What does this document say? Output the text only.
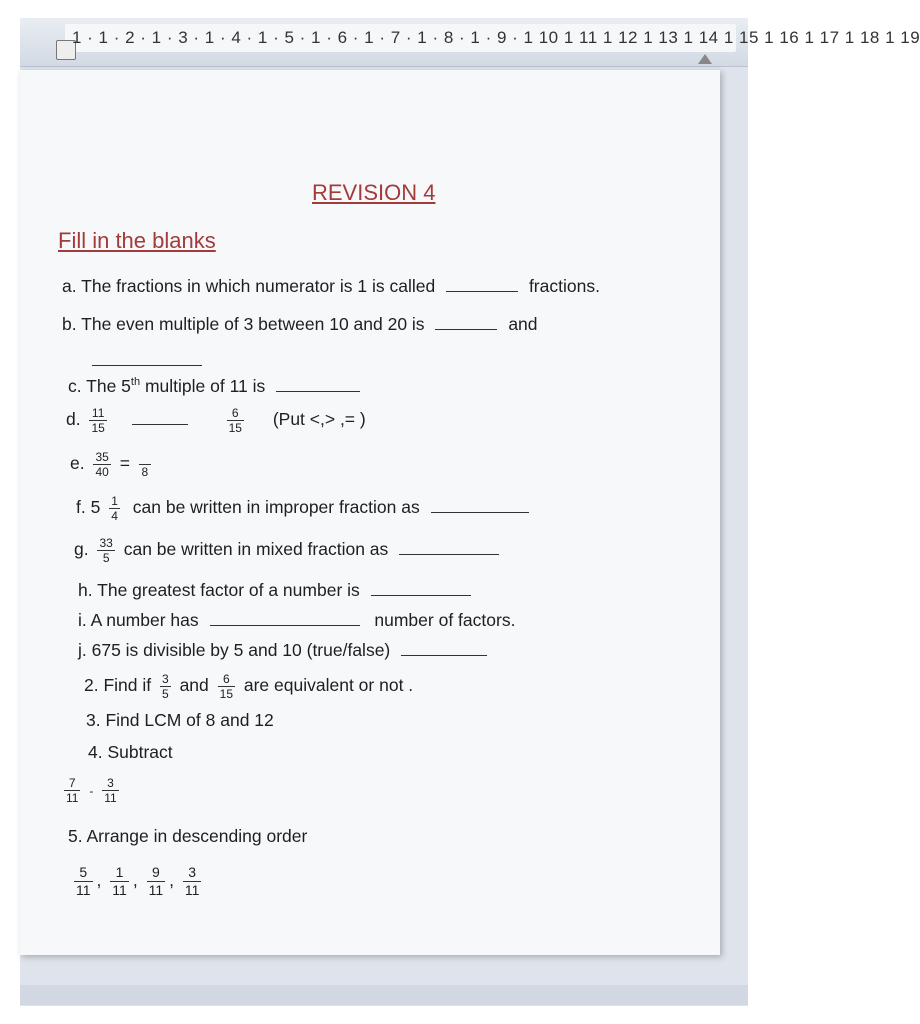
1 · 1 · 2 · 1 · 3 · 1 · 4 · 1 · 5 · 1 · 6 · 1 · 7 · 1 · 8 · 1 · 9 · 1 10 1 11 1 12 1 13 1 14 1 15 1 16 1 17 1 18 1 19
REVISION 4
Fill in the blanks
a. The fractions in which numerator is 1 is called	fractions.
b. The even multiple of 3 between 10 and 20 is	and
c. The 5th multiple of 11 is
d. $\frac{11}{15}$
	$\frac{6}{15} (Put$ <,> ,= )
e. $\frac{35}{40} = 8$
f. $5 \frac{1}{4}$ can be written in improper fraction as
g. $\frac{33}{5}$ can be written in mixed fraction as
h. The greatest factor of a number is
i. A number has	number of factors.
j. 675 is divisible by 5 and 10 (true/false)
2. Find if $\frac{3}{5}$ and $\frac{6}{15}$ are equivalent or not .
3. Find LCM of 8 and 12
4. Subtract
$\frac{7}{11} - \frac{3}{11}$
5. Arrange in descending order
$\frac{5}{11}$ , $\frac{1}{11}$ , $\frac{9}{11}$ , $\frac{3}{11}$
